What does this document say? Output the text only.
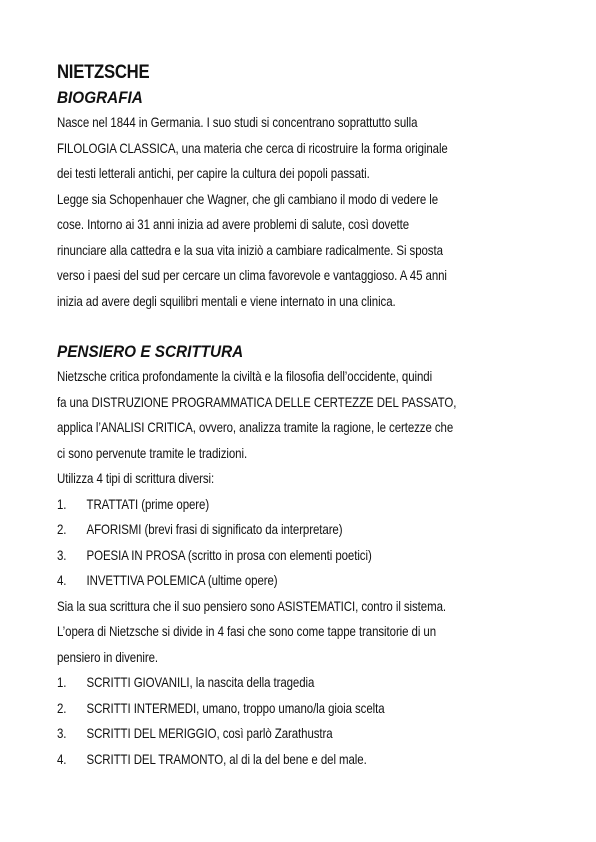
NIETZSCHE
BIOGRAFIA

Nasce nel 1844 in Germania. I suo studi si concentrano soprattutto sulla

FILOLOGIA CLASSICA, una materia che cerca di ricostruire la forma originale

dei testi letterali antichi, per capire la cultura dei popoli passati.

Legge sia Schopenhauer che Wagner, che gli cambiano il modo di vedere le

cose. Intorno ai 31 anni inizia ad avere problemi di salute, così dovette

rinunciare alla cattedra e la sua vita iniziò a cambiare radicalmente. Si sposta

verso i paesi del sud per cercare un clima favorevole e vantaggioso. A 45 anni

inizia ad avere degli squilibri mentali e viene internato in una clinica.

PENSIERO E SCRITTURA

Nietzsche critica profondamente la civiltà e la filosofia dell’occidente, quindi

fa una DISTRUZIONE PROGRAMMATICA DELLE CERTEZZE DEL PASSATO,

applica l’ANALISI CRITICA, ovvero, analizza tramite la ragione, le certezze che

ci sono pervenute tramite le tradizioni.

Utilizza 4 tipi di scrittura diversi:

1. TRATTATI (prime opere)
2. AFORISMI (brevi frasi di significato da interpretare)
3. POESIA IN PROSA (scritto in prosa con elementi poetici)
4. INVETTIVA POLEMICA (ultime opere)

Sia la sua scrittura che il suo pensiero sono ASISTEMATICI, contro il sistema.

L’opera di Nietzsche si divide in 4 fasi che sono come tappe transitorie di un

pensiero in divenire.

1. SCRITTI GIOVANILI, la nascita della tragedia
2. SCRITTI INTERMEDI, umano, troppo umano/la gioia scelta
3. SCRITTI DEL MERIGGIO, così parlò Zarathustra
4. SCRITTI DEL TRAMONTO, al di la del bene e del male.
